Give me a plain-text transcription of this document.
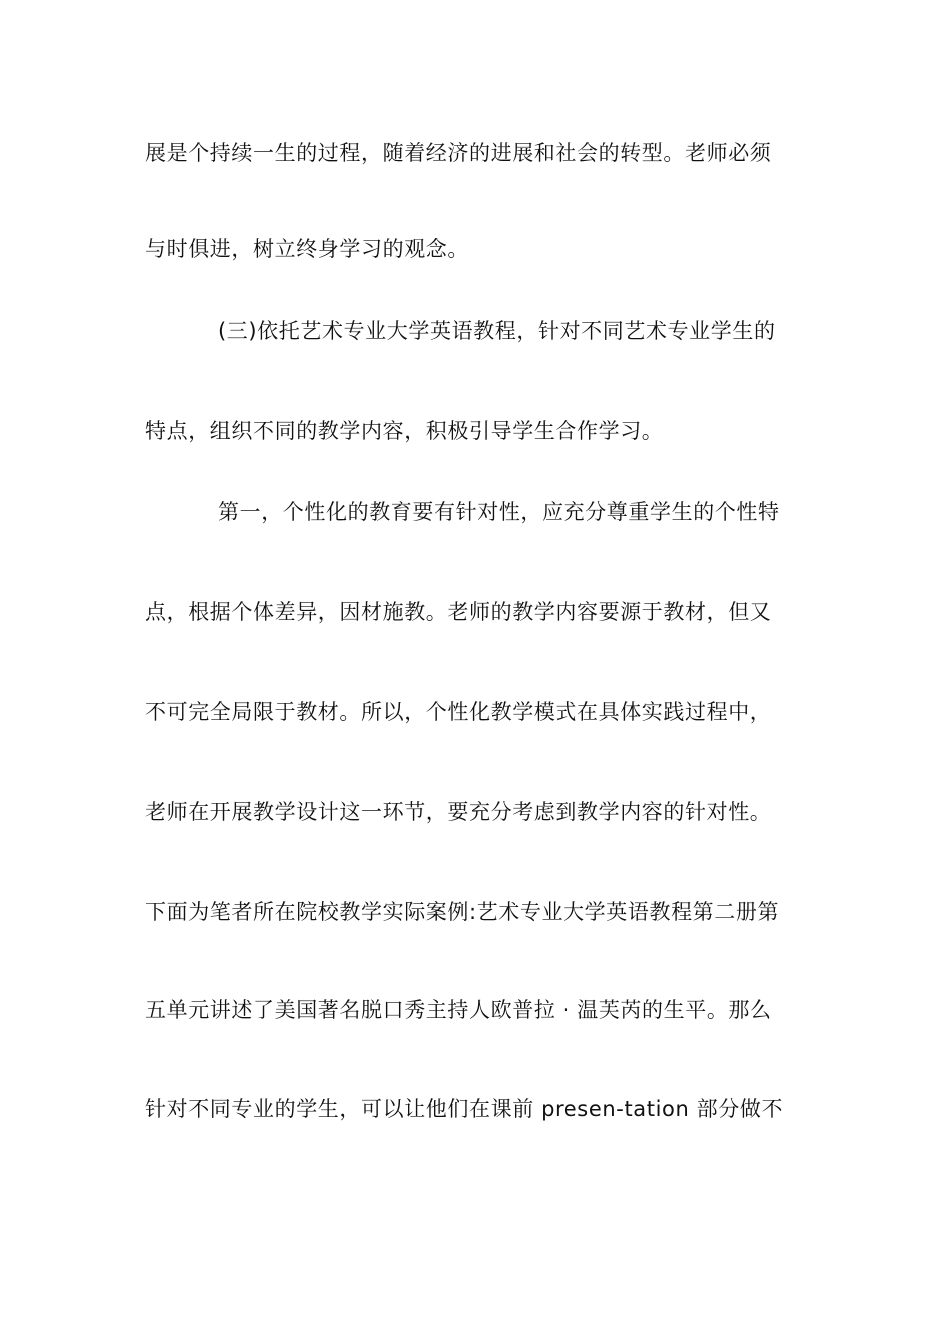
展是个持续一生的过程，随着经济的进展和社会的转型。老师必须
与时俱进，树立终身学习的观念。
(三)依托艺术专业大学英语教程，针对不同艺术专业学生的
特点，组织不同的教学内容，积极引导学生合作学习。
第一，个性化的教育要有针对性，应充分尊重学生的个性特
点，根据个体差异，因材施教。老师的教学内容要源于教材，但又
不可完全局限于教材。所以，个性化教学模式在具体实践过程中，
老师在开展教学设计这一环节，要充分考虑到教学内容的针对性。
下面为笔者所在院校教学实际案例:艺术专业大学英语教程第二册第
五单元讲述了美国著名脱口秀主持人欧普拉 · 温芙芮的生平。那么
针对不同专业的学生，可以让他们在课前 presen-tation 部分做不
